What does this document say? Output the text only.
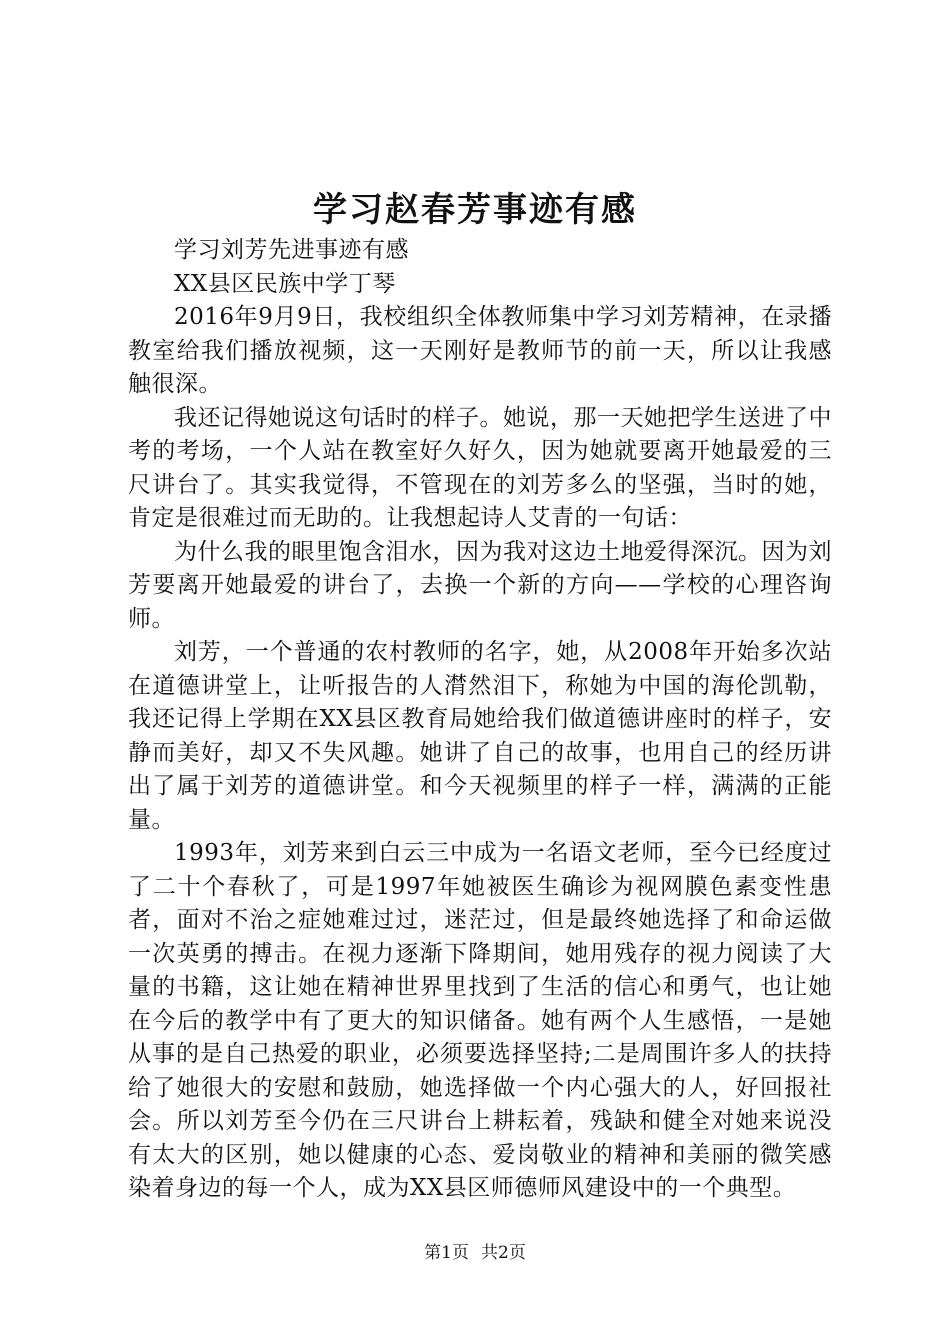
学习赵春芳事迹有感

学习刘芳先进事迹有感

XX县区民族中学丁琴

2016年9月9日，我校组织全体教师集中学习刘芳精神，在录播教室给我们播放视频，这一天刚好是教师节的前一天，所以让我感触很深。

我还记得她说这句话时的样子。她说，那一天她把学生送进了中考的考场，一个人站在教室好久好久，因为她就要离开她最爱的三尺讲台了。其实我觉得，不管现在的刘芳多么的坚强，当时的她，肯定是很难过而无助的。让我想起诗人艾青的一句话：

为什么我的眼里饱含泪水，因为我对这边土地爱得深沉。因为刘芳要离开她最爱的讲台了，去换一个新的方向——学校的心理咨询师。

刘芳，一个普通的农村教师的名字，她，从2008年开始多次站在道德讲堂上，让听报告的人潸然泪下，称她为中国的海伦凯勒，我还记得上学期在XX县区教育局她给我们做道德讲座时的样子，安静而美好，却又不失风趣。她讲了自己的故事，也用自己的经历讲出了属于刘芳的道德讲堂。和今天视频里的样子一样，满满的正能量。

1993年，刘芳来到白云三中成为一名语文老师，至今已经度过了二十个春秋了，可是1997年她被医生确诊为视网膜色素变性患者，面对不治之症她难过过，迷茫过，但是最终她选择了和命运做一次英勇的搏击。在视力逐渐下降期间，她用残存的视力阅读了大量的书籍，这让她在精神世界里找到了生活的信心和勇气，也让她在今后的教学中有了更大的知识储备。她有两个人生感悟，一是她从事的是自己热爱的职业，必须要选择坚持;二是周围许多人的扶持给了她很大的安慰和鼓励，她选择做一个内心强大的人，好回报社会。所以刘芳至今仍在三尺讲台上耕耘着，残缺和健全对她来说没有太大的区别，她以健康的心态、爱岗敬业的精神和美丽的微笑感染着身边的每一个人，成为XX县区师德师风建设中的一个典型。

第1页 共2页
